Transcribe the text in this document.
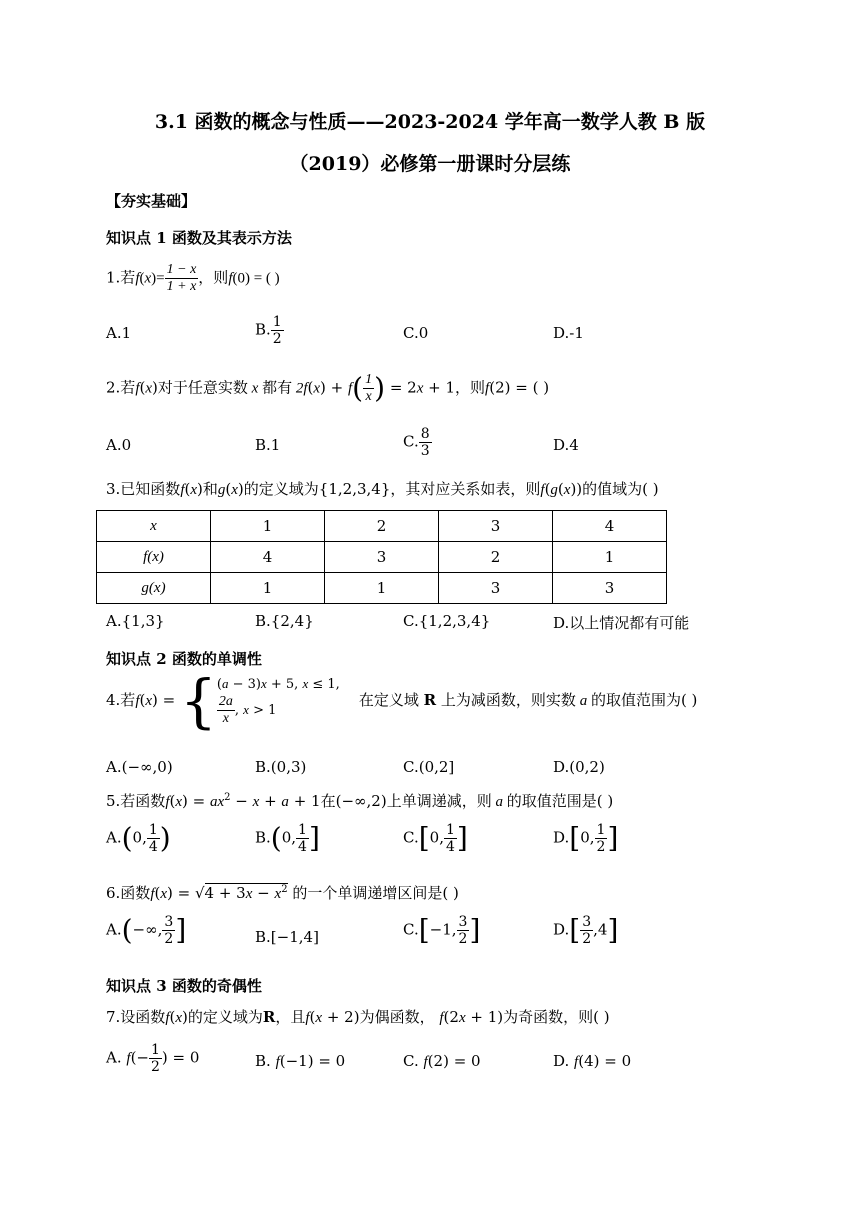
3.1 函数的概念与性质——2023-2024 学年高一数学人教 B 版
（2019）必修第一册课时分层练
【夯实基础】
知识点 1 函数及其表示方法
1.若$f(x)= \frac{1 - x}{1 + x}$ ，则f(0) = ( )
A.1	B. $\frac{1}{2}$	C.0	D.-1
2.若f(x)对于任意实数 x 都有 $2f(x) + f( \frac{1}{x}$ ) = 2x + 1，则f(2) = ( )
A.0	B.1	C. $\frac{8}{3}$	D.4
3.已知函数f(x)和g(x)的定义域为{1,2,3,4}，其对应关系如表，则f(g(x))的值域为( )
x	1	2	3	4
f(x)	4	3	2	1
g(x)	1	1	3	3
A.{1,3}	B.{2,4}	C.{1,2,3,4}	D.以上情况都有可能
知识点 2 函数的单调性
4.若f(x) = { (a − 3)x + 5, x ≤ 1,
$\frac{2a}{x}$ , x > 1
在定义域 R 上为减函数，则实数 a 的取值范围为( )
A.(−∞,0)	B.(0,3)	C.(0,2]	D.(0,2)
5.若函数$f(x) = ax^2 - x + a + 1$在(−∞,2)上单调递减，则 a 的取值范围是( )
A.(0, $\frac{1}{4}$ )	B.(0, $\frac{1}{4}$ ]	C.[0, $\frac{1}{4}$ ]	D.[0, $\frac{1}{2}$ ]
6.函数$f(x) = √4 + 3x - x^2$ 的一个单调递增区间是( )
A.(−∞, $\frac{3}{2}$ ]	B.[−1,4]	C.[−1, $\frac{3}{2}$ ]	$D.[ \frac{3}{2} ,4]$
知识点 3 函数的奇偶性
7.设函数f(x)的定义域为R，且f(x + 2)为偶函数， f(2x + 1)为奇函数，则( )
A. $f(- \frac{1}{2}$ ) = 0	B. f(−1) = 0	C. f(2) = 0	D. f(4) = 0
